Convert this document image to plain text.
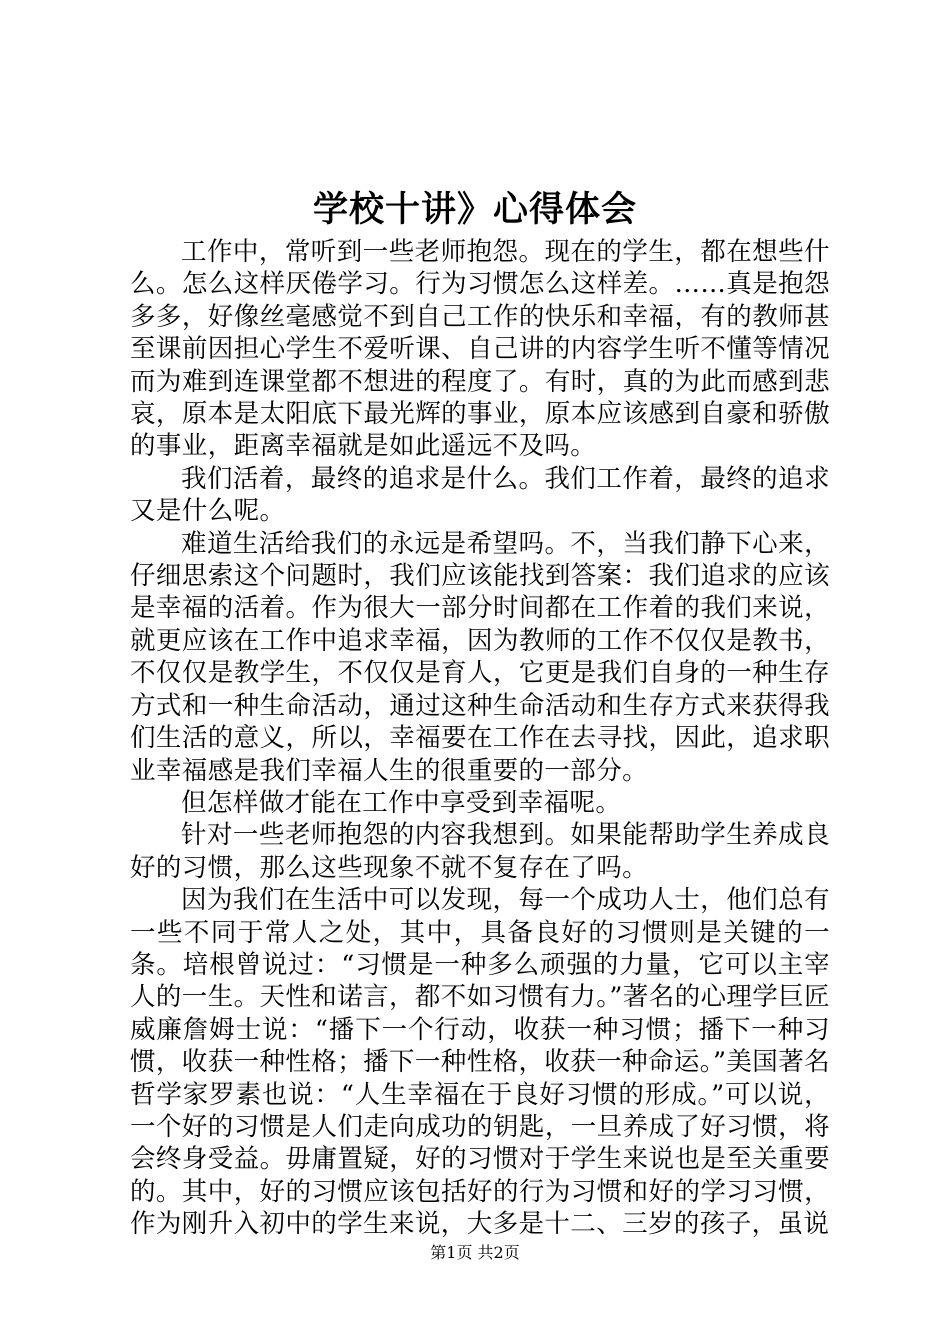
学校十讲》心得体会

工作中，常听到一些老师抱怨。现在的学生，都在想些什么。怎么这样厌倦学习。行为习惯怎么这样差。……真是抱怨多多，好像丝毫感觉不到自己工作的快乐和幸福，有的教师甚至课前因担心学生不爱听课、自己讲的内容学生听不懂等情况而为难到连课堂都不想进的程度了。有时，真的为此而感到悲哀，原本是太阳底下最光辉的事业，原本应该感到自豪和骄傲的事业，距离幸福就是如此遥远不及吗。

我们活着，最终的追求是什么。我们工作着，最终的追求又是什么呢。

难道生活给我们的永远是希望吗。不，当我们静下心来，仔细思索这个问题时，我们应该能找到答案：我们追求的应该是幸福的活着。作为很大一部分时间都在工作着的我们来说，就更应该在工作中追求幸福，因为教师的工作不仅仅是教书，不仅仅是教学生，不仅仅是育人，它更是我们自身的一种生存方式和一种生命活动，通过这种生命活动和生存方式来获得我们生活的意义，所以，幸福要在工作在去寻找，因此，追求职业幸福感是我们幸福人生的很重要的一部分。

但怎样做才能在工作中享受到幸福呢。

针对一些老师抱怨的内容我想到。如果能帮助学生养成良好的习惯，那么这些现象不就不复存在了吗。

因为我们在生活中可以发现，每一个成功人士，他们总有一些不同于常人之处，其中，具备良好的习惯则是关键的一条。培根曾说过：“习惯是一种多么顽强的力量，它可以主宰人的一生。天性和诺言，都不如习惯有力。”著名的心理学巨匠威廉詹姆士说：“播下一个行动，收获一种习惯；播下一种习惯，收获一种性格；播下一种性格，收获一种命运。”美国著名哲学家罗素也说：“人生幸福在于良好习惯的形成。”可以说，一个好的习惯是人们走向成功的钥匙，一旦养成了好习惯，将会终身受益。毋庸置疑，好的习惯对于学生来说也是至关重要的。其中，好的习惯应该包括好的行为习惯和好的学习习惯，作为刚升入初中的学生来说，大多是十二、三岁的孩子，虽说

第1页 共2页
